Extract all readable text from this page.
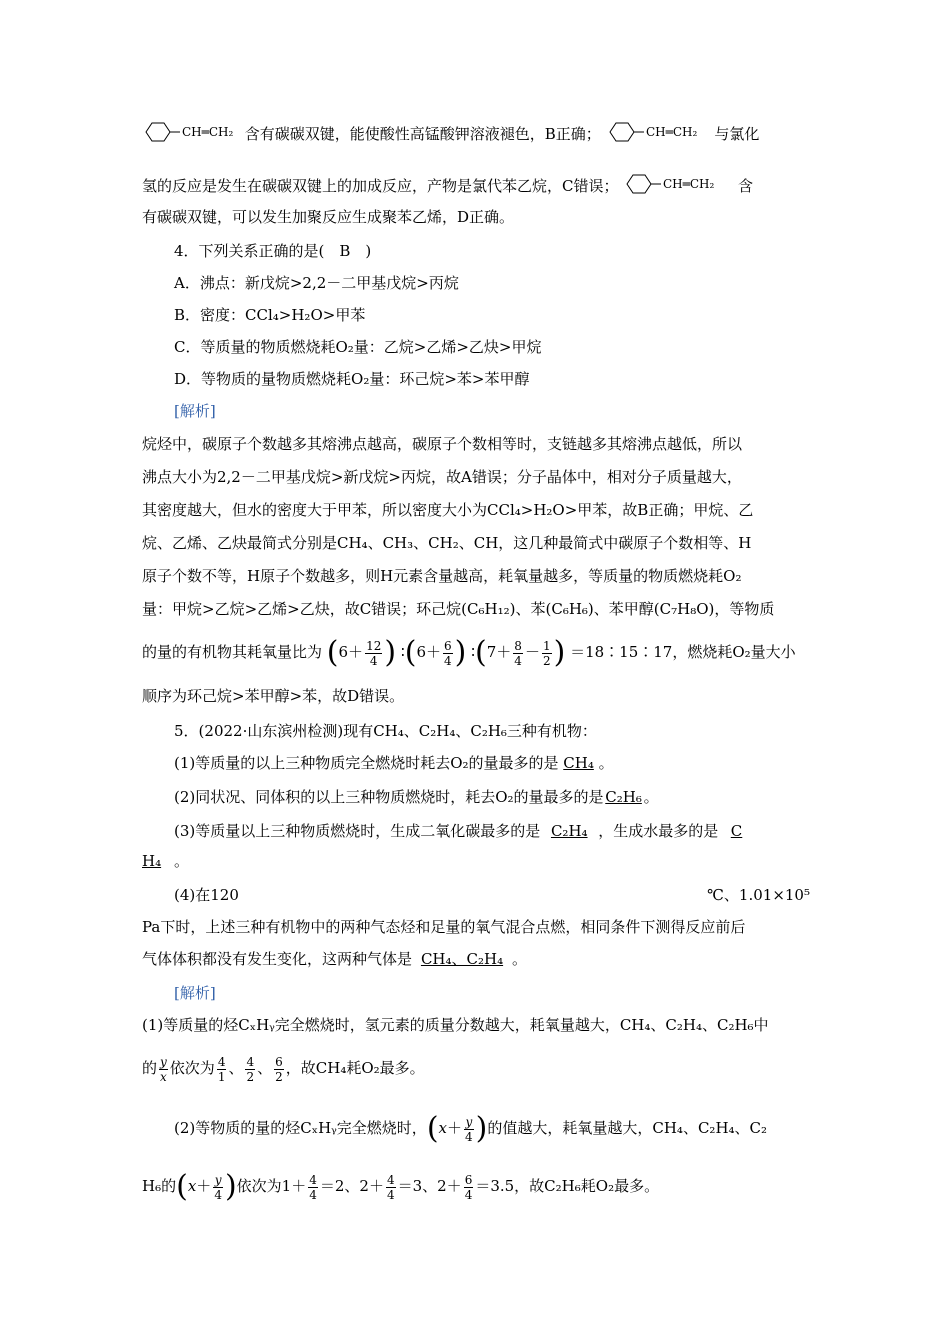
CH═CH₂ 含有碳碳双键，能使酸性高锰酸钾溶液褪色，B正确；	CH═CH₂ 与氯化
氢的反应是发生在碳碳双键上的加成反应，产物是氯代苯乙烷，C错误；	CH═CH₂ 含
有碳碳双键，可以发生加聚反应生成聚苯乙烯，D正确。
4．下列关系正确的是(　B　)
A．沸点：新戊烷>2,2－二甲基戊烷>丙烷
B．密度：CCl₄>H₂O>甲苯
C．等质量的物质燃烧耗O₂量：乙烷>乙烯>乙炔>甲烷
D．等物质的量物质燃烧耗O₂量：环己烷>苯>苯甲醇
[解析]
烷烃中，碳原子个数越多其熔沸点越高，碳原子个数相等时，支链越多其熔沸点越低，所以
沸点大小为2,2－二甲基戊烷>新戊烷>丙烷，故A错误；分子晶体中，相对分子质量越大，
其密度越大，但水的密度大于甲苯，所以密度大小为CCl₄>H₂O>甲苯，故B正确；甲烷、乙
烷、乙烯、乙炔最简式分别是CH₄、CH₃、CH₂、CH，这几种最简式中碳原子个数相等、H
原子个数不等，H原子个数越多，则H元素含量越高，耗氧量越多，等质量的物质燃烧耗O₂
量：甲烷>乙烷>乙烯>乙炔，故C错误；环己烷(C₆H₁₂)、苯(C₆H₆)、苯甲醇(C₇H₈O)，等物质
的量的有机物其耗氧量比为 ($6+ \frac{12}{4}$ ) ∶(6＋ $\frac{6}{4}$ ) ∶(7＋ $\frac{8}{4} - \frac{1}{2}$ ) ＝18∶15∶17，燃烧耗O₂量大小
顺序为环己烷>苯甲醇>苯，故D错误。
5．(2022·山东滨州检测)现有CH₄、C₂H₄、C₂H₆三种有机物：
(1)等质量的以上三种物质完全燃烧时耗去O₂的量最多的是 CH₄ 。
(2)同状况、同体积的以上三种物质燃烧时，耗去O₂的量最多的是 C₂H₆ 。
(3)等质量以上三种物质燃烧时，生成二氧化碳最多的是 C₂H₄ ，生成水最多的是 C
H₄ 。
(4)在120	℃、1.01×10⁵
Pa下时，上述三种有机物中的两种气态烃和足量的氧气混合点燃，相同条件下测得反应前后
气体体积都没有发生变化，这两种气体是 CH₄、C₂H₄ 。
[解析]
(1)等质量的烃CₓHᵧ完全燃烧时，氢元素的质量分数越大，耗氧量越大，CH₄、C₂H₄、C₂H₆中
的 $\frac{y}{x}$ 依次为 $\frac{4}{1}$ 、 $\frac{4}{2}$ 、 $\frac{6}{2}$ ，故CH₄耗O₂最多。
(2)等物质的量的烃CₓHᵧ完全燃烧时，($x+ \frac{y}{4}$ )的值越大，耗氧量越大，CH₄、C₂H₄、C₂
H₆的($x+ \frac{y}{4}$ )依次为$1+ \frac{4}{4} =2$、$2+ \frac{4}{4} =3$、$2+ \frac{6}{4} =3.5$，故C₂H₆耗O₂最多。
